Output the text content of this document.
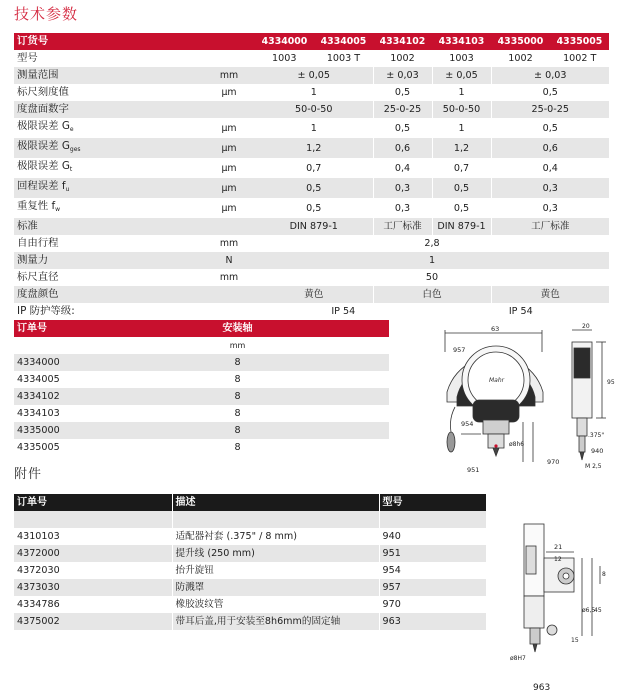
技术参数
订货号		4334000	4334005	4334102	4334103	4335000	4335005
型号		1003	1003 T	1002	1003	1002	1002 T
测量范围	mm	± 0,05		± 0,03	± 0,05	± 0,03	
标尺刻度值	μm	1		0,5	1	0,5	
度盘面数字		50-0-50		25-0-25	50-0-50	25-0-25	
极限误差 $G_e$	μm	1		0,5	1	0,5	
极限误差 $G_{ges}$	μm	1,2		0,6	1,2	0,6	
极限误差 $G_t$	μm	0,7		0,4	0,7	0,4	
回程误差 $f_u$	μm	0,5		0,3	0,5	0,3	
重复性 $f_w$	μm	0,5		0,3	0,5	0,3	
标准		DIN 879-1		工厂标准	DIN 879-1	工厂标准	
自由行程	mm	2,8					
测量力	N	1					
标尺直径	mm	50					
度盘颜色		黄色		白色		黄色	
IP 防护等级:		IP 54			IP 54		
订单号	安装轴
	mm
4334000	8
4334005	8
4334102	8
4334103	8
4335000	8
4335005	8
附件
订单号	描述	型号

4310103	适配器衬套 (.375" / 8 mm)	940
4372000	提升线 (250 mm)	951
4372030	抬升旋钮	954
4373030	防溅罩	957
4334786	橡胶波纹管	970
4375002	带耳后盖,用于安装至8h6mm的固定轴	963
63	20
95
957
954
951
940
970
.375"
M 2,5
ø8h6
Mahr
21
12
8
ø6,5
45
15
ø8H7
963
